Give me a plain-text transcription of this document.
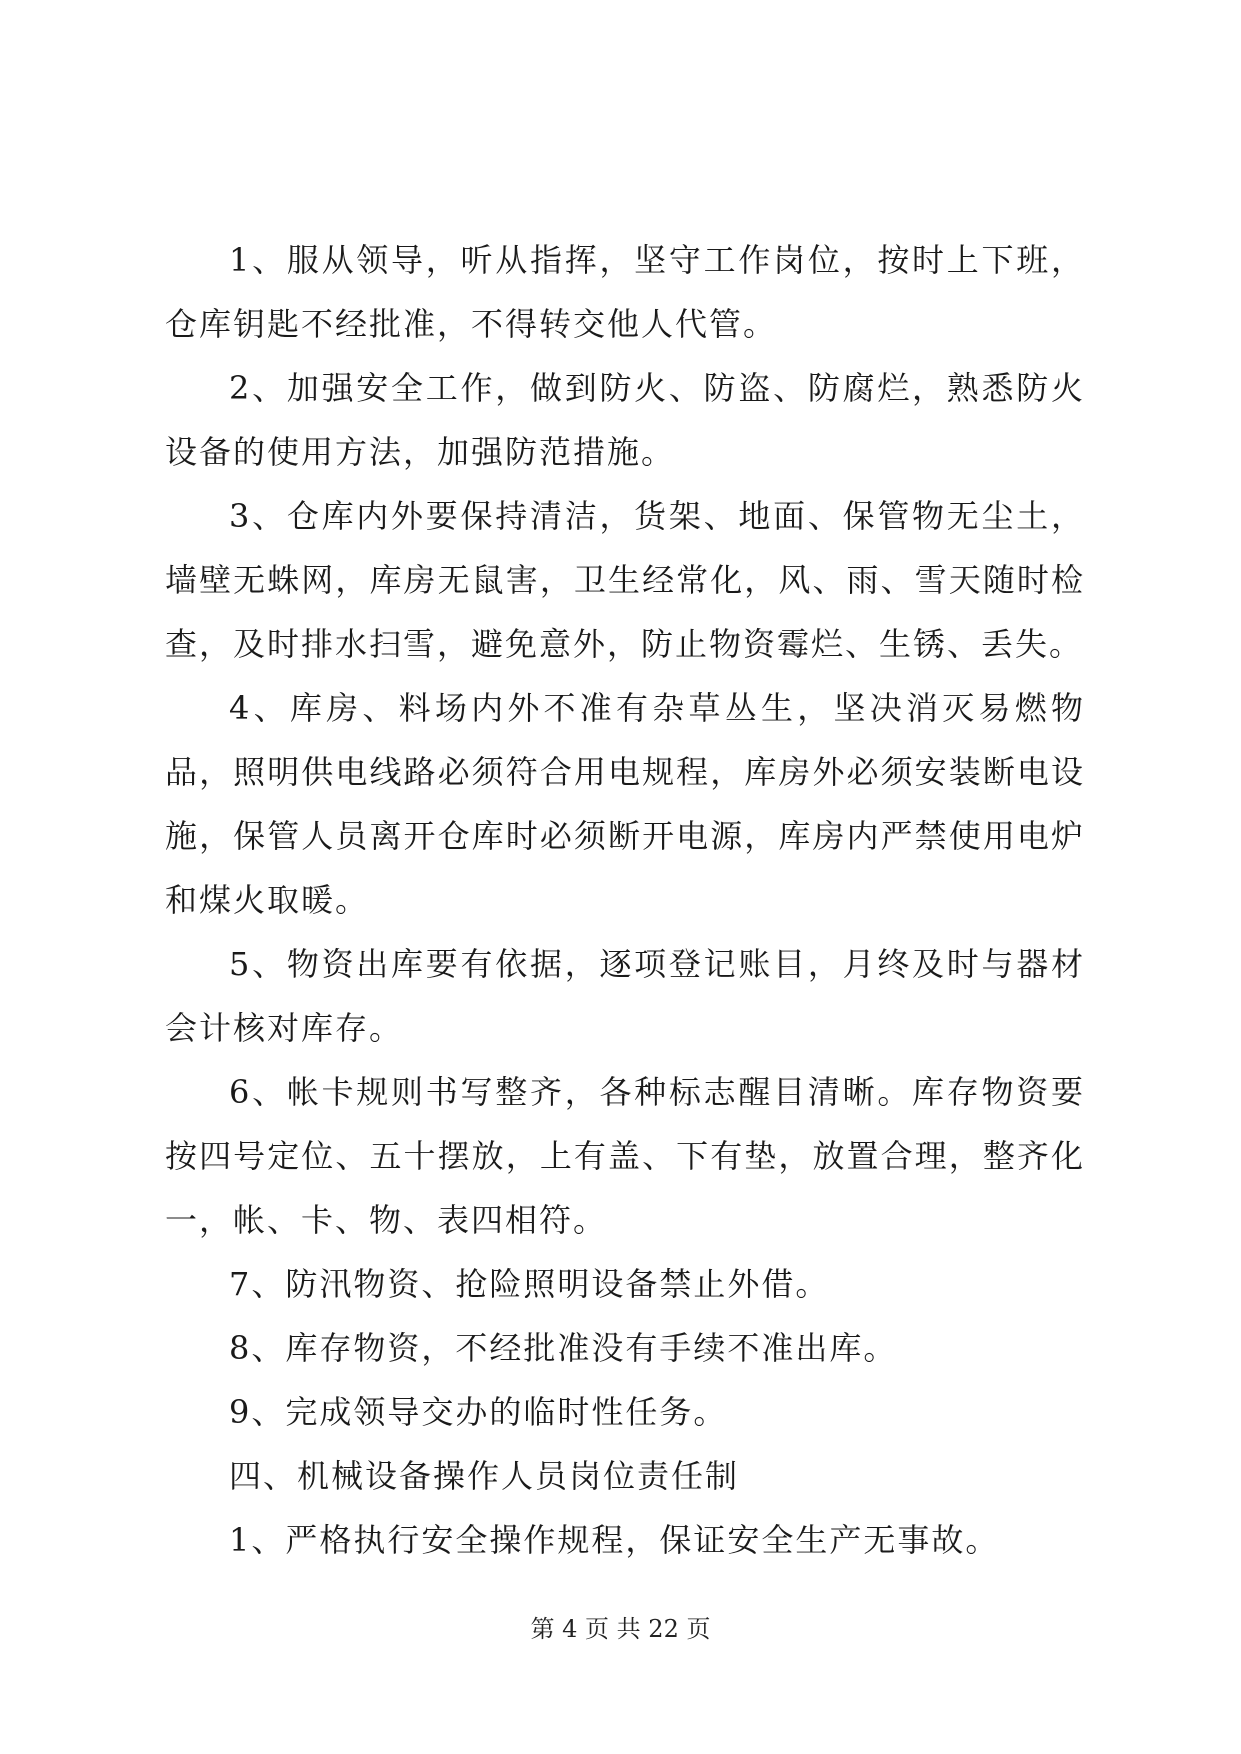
1、服从领导，听从指挥，坚守工作岗位，按时上下班，仓库钥匙不经批准，不得转交他人代管。

2、加强安全工作，做到防火、防盗、防腐烂，熟悉防火设备的使用方法，加强防范措施。

3、仓库内外要保持清洁，货架、地面、保管物无尘土，墙壁无蛛网，库房无鼠害，卫生经常化，风、雨、雪天随时检查，及时排水扫雪，避免意外，防止物资霉烂、生锈、丢失。

4、库房、料场内外不准有杂草丛生，坚决消灭易燃物品，照明供电线路必须符合用电规程，库房外必须安装断电设施，保管人员离开仓库时必须断开电源，库房内严禁使用电炉和煤火取暖。

5、物资出库要有依据，逐项登记账目，月终及时与器材会计核对库存。

6、帐卡规则书写整齐，各种标志醒目清晰。库存物资要按四号定位、五十摆放，上有盖、下有垫，放置合理，整齐化一，帐、卡、物、表四相符。

7、防汛物资、抢险照明设备禁止外借。

8、库存物资，不经批准没有手续不准出库。

9、完成领导交办的临时性任务。

四、机械设备操作人员岗位责任制

1、严格执行安全操作规程，保证安全生产无事故。

第 4 页 共 22 页
